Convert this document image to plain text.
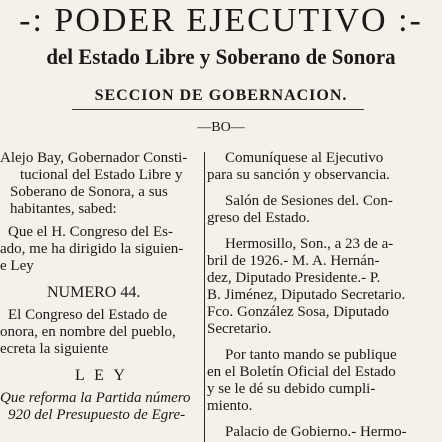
-: PODER EJECUTIVO :-
del Estado Libre y Soberano de Sonora
SECCION DE GOBERNACION.
—BO—

Alejo Bay, Gobernador Consti-

tucional del Estado Libre y

Soberano de Sonora, a sus

habitantes, sabed:

Que el H. Congreso del Es-

ado, me ha dirigido la siguien-

e Ley

NUMERO 44.

El Congreso del Estado de

onora, en nombre del pueblo,

ecreta la siguiente

L E Y

Que reforma la Partida número

920 del Presupuesto de Egre-

Comuníquese al Ejecutivo

para su sanción y observancia.

Salón de Sesiones del. Con-

greso del Estado.

Hermosillo, Son., a 23 de a-

bril de 1926.- M. A. Hernán-

dez, Diputado Presidente.- P.

B. Jiménez, Diputado Secretario.

Fco. González Sosa, Diputado

Secretario.

Por tanto mando se publique

en el Boletín Oficial del Estado

y se le dé su debido cumpli-

miento.

Palacio de Gobierno.- Hermo-
